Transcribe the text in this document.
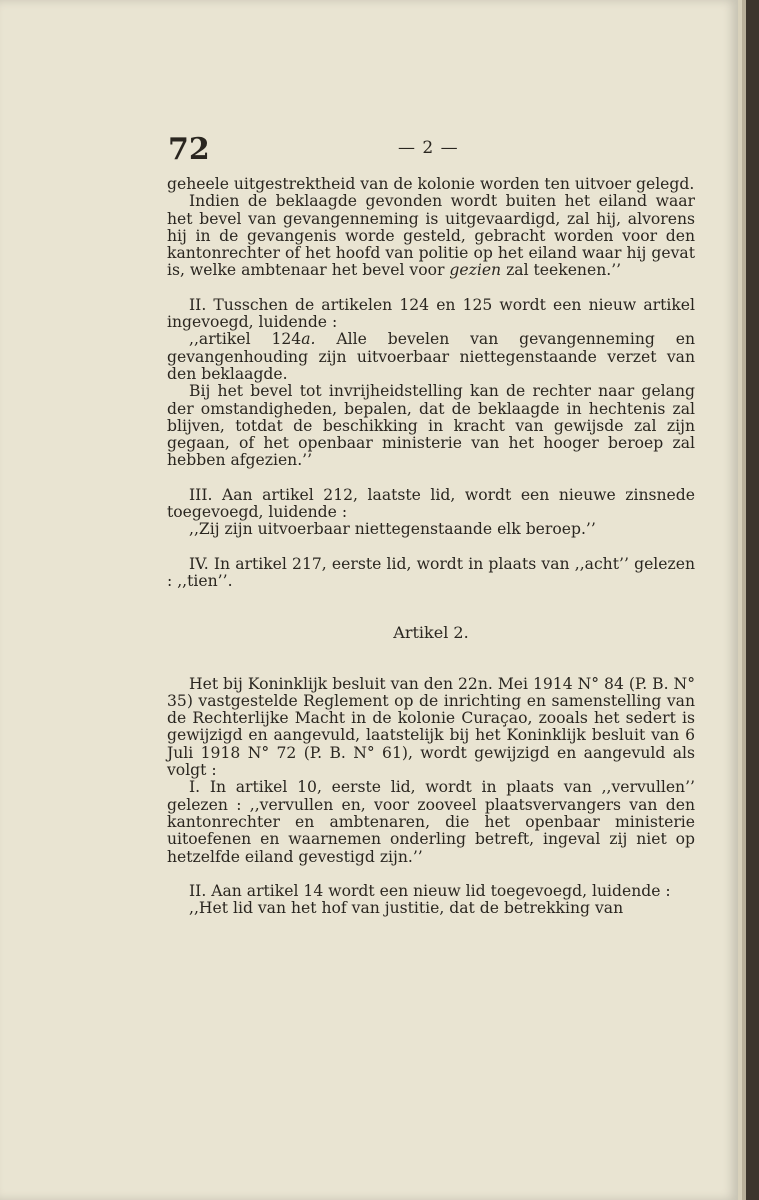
72	— 2 —

geheele uitgestrektheid van de kolonie worden ten uitvoer gelegd.

Indien de beklaagde gevonden wordt buiten het eiland waar het bevel van gevangenneming is uitgevaardigd, zal hij, alvorens hij in de gevangenis worde gesteld, gebracht worden voor den kantonrechter of het hoofd van politie op het eiland waar hij gevat is, welke ambtenaar het bevel voor gezien zal teekenen.’’

II. Tusschen de artikelen 124 en 125 wordt een nieuw artikel ingevoegd, luidende :

,,artikel 124a. Alle bevelen van gevangenneming en gevangenhouding zijn uitvoerbaar niettegenstaande verzet van den beklaagde.

Bij het bevel tot invrijheidstelling kan de rechter naar gelang der omstandigheden, bepalen, dat de beklaagde in hechtenis zal blijven, totdat de beschikking in kracht van gewijsde zal zijn gegaan, of het openbaar ministerie van het hooger beroep zal hebben afgezien.’’

III. Aan artikel 212, laatste lid, wordt een nieuwe zinsnede toegevoegd, luidende :

,,Zij zijn uitvoerbaar niettegenstaande elk beroep.’’

IV. In artikel 217, eerste lid, wordt in plaats van ,,acht’’ gelezen : ,,tien’’.

Artikel 2.

Het bij Koninklijk besluit van den 22n. Mei 1914 N° 84 (P. B. N° 35) vastgestelde Reglement op de inrichting en samenstelling van de Rechterlijke Macht in de kolonie Curaçao, zooals het sedert is gewijzigd en aangevuld, laatstelijk bij het Koninklijk besluit van 6 Juli 1918 N° 72 (P. B. N° 61), wordt gewijzigd en aangevuld als volgt :

I. In artikel 10, eerste lid, wordt in plaats van ,,vervullen’’ gelezen : ,,vervullen en, voor zooveel plaatsvervangers van den kantonrechter en ambtenaren, die het openbaar ministerie uitoefenen en waarnemen onderling betreft, ingeval zij niet op hetzelfde eiland gevestigd zijn.’’

II. Aan artikel 14 wordt een nieuw lid toegevoegd, luidende :

,,Het lid van het hof van justitie, dat de betrekking van
